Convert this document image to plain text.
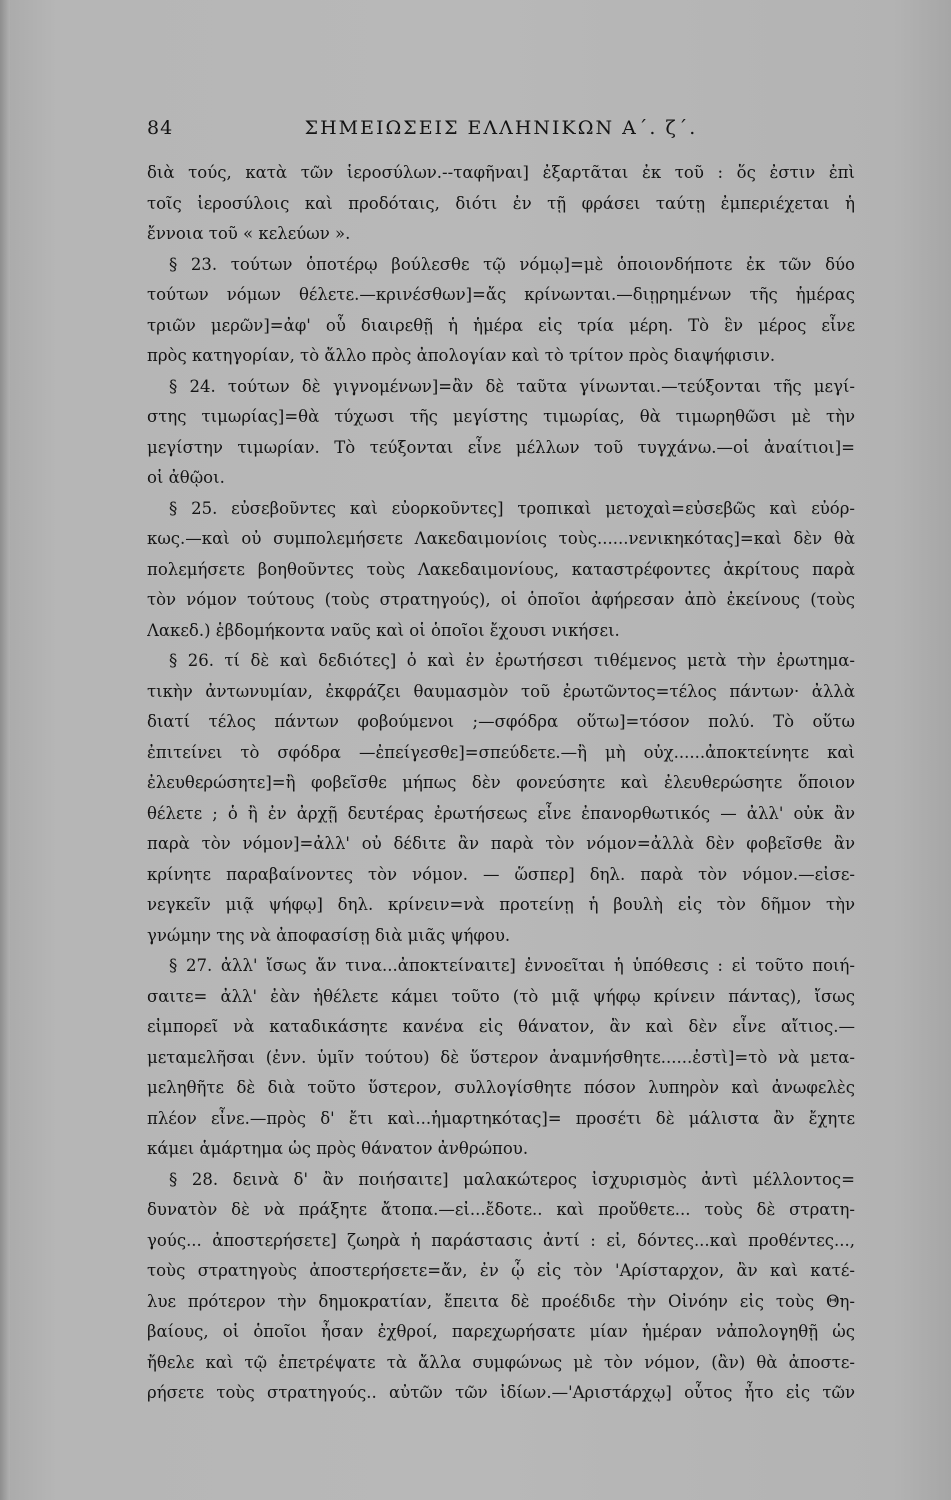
84	ΣΗΜΕΙΩΣΕΙΣ ΕΛΛΗΝΙΚΩΝ Α΄. ζ΄.
διὰ τούς, κατὰ τῶν ἱεροσύλων.--ταφῆναι] ἐξαρτᾶται ἐκ τοῦ : ὅς ἐστιν ἐπὶ
τοῖς ἱεροσύλοις καὶ προδόταις, διότι ἐν τῇ φράσει ταύτῃ ἐμπεριέχεται ἡ
ἔννοια τοῦ « κελεύων ».
§ 23. τούτων ὁποτέρῳ βούλεσθε τῷ νόμῳ]=μὲ ὁποιονδήποτε ἐκ τῶν δύο
τούτων νόμων θέλετε.—κρινέσθων]=ἄς κρίνωνται.—διῃρημένων τῆς ἡμέρας
τριῶν μερῶν]=ἀφ' οὗ διαιρεθῇ ἡ ἡμέρα εἰς τρία μέρη. Τὸ ἓν μέρος εἶνε
πρὸς κατηγορίαν, τὸ ἄλλο πρὸς ἀπολογίαν καὶ τὸ τρίτον πρὸς διαψήφισιν.
§ 24. τούτων δὲ γιγνομένων]=ἂν δὲ ταῦτα γίνωνται.—τεύξονται τῆς μεγί-
στης τιμωρίας]=θὰ τύχωσι τῆς μεγίστης τιμωρίας, θὰ τιμωρηθῶσι μὲ τὴν
μεγίστην τιμωρίαν. Τὸ τεύξονται εἶνε μέλλων τοῦ τυγχάνω.—οἱ ἀναίτιοι]=
οἱ ἀθῷοι.
§ 25. εὐσεβοῦντες καὶ εὐορκοῦντες] τροπικαὶ μετοχαὶ=εὐσεβῶς καὶ εὐόρ-
κως.—καὶ οὐ συμπολεμήσετε Λακεδαιμονίοις τοὺς......νενικηκότας]=καὶ δὲν θὰ
πολεμήσετε βοηθοῦντες τοὺς Λακεδαιμονίους, καταστρέφοντες ἀκρίτους παρὰ
τὸν νόμον τούτους (τοὺς στρατηγούς), οἱ ὁποῖοι ἀφήρεσαν ἀπὸ ἐκείνους (τοὺς
Λακεδ.) ἑβδομήκοντα ναῦς καὶ οἱ ὁποῖοι ἔχουσι νικήσει.
§ 26. τί δὲ καὶ δεδιότες] ὁ καὶ ἐν ἐρωτήσεσι τιθέμενος μετὰ τὴν ἐρωτημα-
τικὴν ἀντωνυμίαν, ἐκφράζει θαυμασμὸν τοῦ ἐρωτῶντος=τέλος πάντων· ἀλλὰ
διατί τέλος πάντων φοβούμενοι ;—σφόδρα οὕτω]=τόσον πολύ. Τὸ οὕτω
ἐπιτείνει τὸ σφόδρα —ἐπείγεσθε]=σπεύδετε.—ἢ μὴ οὐχ......ἀποκτείνητε καὶ
ἐλευθερώσητε]=ἢ φοβεῖσθε μήπως δὲν φονεύσητε καὶ ἐλευθερώσητε ὅποιον
θέλετε ; ὁ ἢ ἐν ἀρχῇ δευτέρας ἐρωτήσεως εἶνε ἐπανορθωτικός — ἀλλ' οὐκ ἂν
παρὰ τὸν νόμον]=ἀλλ' οὐ δέδιτε ἂν παρὰ τὸν νόμον=ἀλλὰ δὲν φοβεῖσθε ἂν
κρίνητε παραβαίνοντες τὸν νόμον. — ὥσπερ] δηλ. παρὰ τὸν νόμον.—εἰσε-
νεγκεῖν μιᾷ ψήφῳ] δηλ. κρίνειν=νὰ προτείνῃ ἡ βουλὴ εἰς τὸν δῆμον τὴν
γνώμην της νὰ ἀποφασίσῃ διὰ μιᾶς ψήφου.
§ 27. ἀλλ' ἴσως ἄν τινα...ἀποκτείναιτε] ἐννοεῖται ἡ ὑπόθεσις : εἰ τοῦτο ποιή-
σαιτε= ἀλλ' ἐὰν ἠθέλετε κάμει τοῦτο (τὸ μιᾷ ψήφῳ κρίνειν πάντας), ἴσως
εἰμπορεῖ νὰ καταδικάσητε κανένα εἰς θάνατον, ἂν καὶ δὲν εἶνε αἴτιος.—
μεταμελῆσαι (ἐνν. ὑμῖν τούτου) δὲ ὕστερον ἀναμνήσθητε......ἐστὶ]=τὸ νὰ μετα-
μεληθῆτε δὲ διὰ τοῦτο ὕστερον, συλλογίσθητε πόσον λυπηρὸν καὶ ἀνωφελὲς
πλέον εἶνε.—πρὸς δ' ἔτι καὶ...ἡμαρτηκότας]= προσέτι δὲ μάλιστα ἂν ἔχητε
κάμει ἁμάρτημα ὡς πρὸς θάνατον ἀνθρώπου.
§ 28. δεινὰ δ' ἂν ποιήσαιτε] μαλακώτερος ἰσχυρισμὸς ἀντὶ μέλλοντος=
δυνατὸν δὲ νὰ πράξητε ἄτοπα.—εἰ...ἔδοτε.. καὶ προὔθετε... τοὺς δὲ στρατη-
γούς... ἀποστερήσετε] ζωηρὰ ἡ παράστασις ἀντί : εἰ, δόντες...καὶ προθέντες...,
τοὺς στρατηγοὺς ἀποστερήσετε=ἄν, ἐν ᾧ εἰς τὸν 'Αρίσταρχον, ἂν καὶ κατέ-
λυε πρότερον τὴν δημοκρατίαν, ἔπειτα δὲ προέδιδε τὴν Οἰνόην εἰς τοὺς Θη-
βαίους, οἱ ὁποῖοι ἦσαν ἐχθροί, παρεχωρήσατε μίαν ἡμέραν νἀπολογηθῇ ὡς
ἤθελε καὶ τῷ ἐπετρέψατε τὰ ἄλλα συμφώνως μὲ τὸν νόμον, (ἂν) θὰ ἀποστε-
ρήσετε τοὺς στρατηγούς.. αὐτῶν τῶν ἰδίων.—'Αριστάρχῳ] οὗτος ἦτο εἰς τῶν
